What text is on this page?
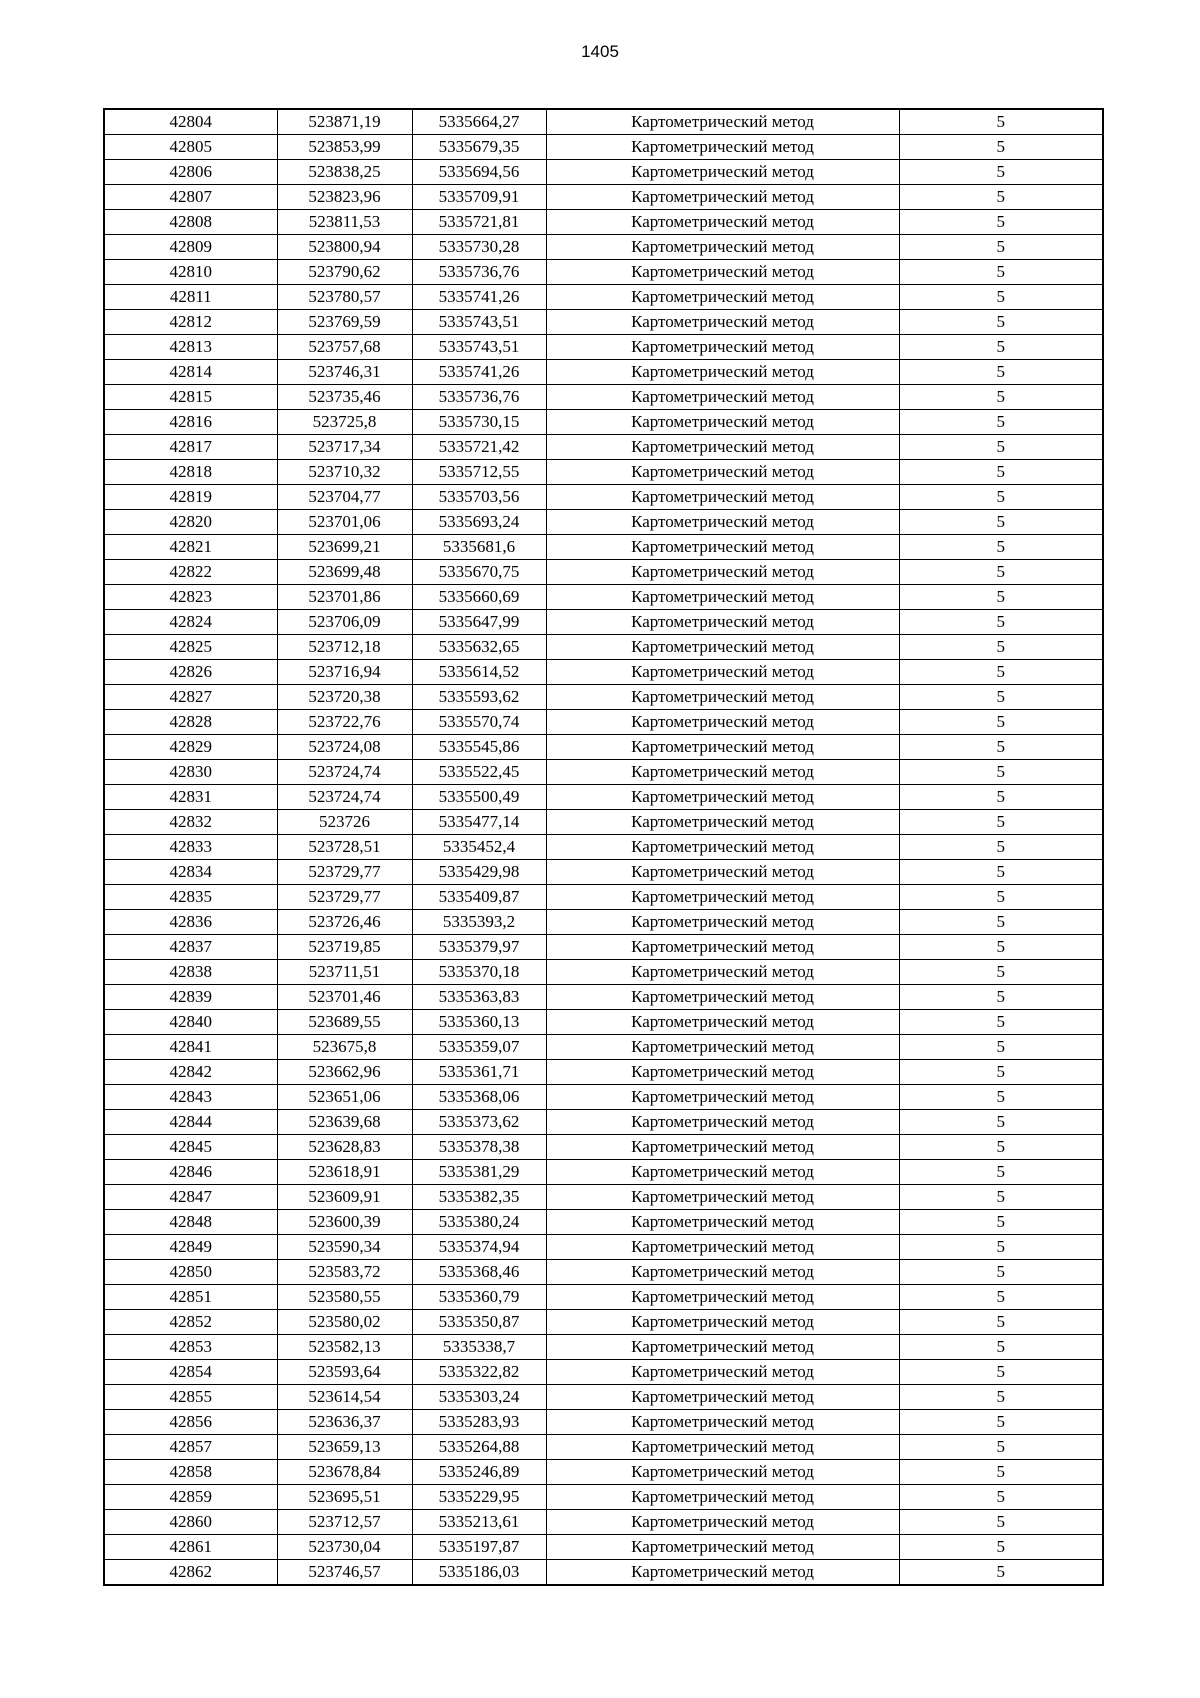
1405
42804	523871,19	5335664,27	Картометрический метод	5
42805	523853,99	5335679,35	Картометрический метод	5
42806	523838,25	5335694,56	Картометрический метод	5
42807	523823,96	5335709,91	Картометрический метод	5
42808	523811,53	5335721,81	Картометрический метод	5
42809	523800,94	5335730,28	Картометрический метод	5
42810	523790,62	5335736,76	Картометрический метод	5
42811	523780,57	5335741,26	Картометрический метод	5
42812	523769,59	5335743,51	Картометрический метод	5
42813	523757,68	5335743,51	Картометрический метод	5
42814	523746,31	5335741,26	Картометрический метод	5
42815	523735,46	5335736,76	Картометрический метод	5
42816	523725,8	5335730,15	Картометрический метод	5
42817	523717,34	5335721,42	Картометрический метод	5
42818	523710,32	5335712,55	Картометрический метод	5
42819	523704,77	5335703,56	Картометрический метод	5
42820	523701,06	5335693,24	Картометрический метод	5
42821	523699,21	5335681,6	Картометрический метод	5
42822	523699,48	5335670,75	Картометрический метод	5
42823	523701,86	5335660,69	Картометрический метод	5
42824	523706,09	5335647,99	Картометрический метод	5
42825	523712,18	5335632,65	Картометрический метод	5
42826	523716,94	5335614,52	Картометрический метод	5
42827	523720,38	5335593,62	Картометрический метод	5
42828	523722,76	5335570,74	Картометрический метод	5
42829	523724,08	5335545,86	Картометрический метод	5
42830	523724,74	5335522,45	Картометрический метод	5
42831	523724,74	5335500,49	Картометрический метод	5
42832	523726	5335477,14	Картометрический метод	5
42833	523728,51	5335452,4	Картометрический метод	5
42834	523729,77	5335429,98	Картометрический метод	5
42835	523729,77	5335409,87	Картометрический метод	5
42836	523726,46	5335393,2	Картометрический метод	5
42837	523719,85	5335379,97	Картометрический метод	5
42838	523711,51	5335370,18	Картометрический метод	5
42839	523701,46	5335363,83	Картометрический метод	5
42840	523689,55	5335360,13	Картометрический метод	5
42841	523675,8	5335359,07	Картометрический метод	5
42842	523662,96	5335361,71	Картометрический метод	5
42843	523651,06	5335368,06	Картометрический метод	5
42844	523639,68	5335373,62	Картометрический метод	5
42845	523628,83	5335378,38	Картометрический метод	5
42846	523618,91	5335381,29	Картометрический метод	5
42847	523609,91	5335382,35	Картометрический метод	5
42848	523600,39	5335380,24	Картометрический метод	5
42849	523590,34	5335374,94	Картометрический метод	5
42850	523583,72	5335368,46	Картометрический метод	5
42851	523580,55	5335360,79	Картометрический метод	5
42852	523580,02	5335350,87	Картометрический метод	5
42853	523582,13	5335338,7	Картометрический метод	5
42854	523593,64	5335322,82	Картометрический метод	5
42855	523614,54	5335303,24	Картометрический метод	5
42856	523636,37	5335283,93	Картометрический метод	5
42857	523659,13	5335264,88	Картометрический метод	5
42858	523678,84	5335246,89	Картометрический метод	5
42859	523695,51	5335229,95	Картометрический метод	5
42860	523712,57	5335213,61	Картометрический метод	5
42861	523730,04	5335197,87	Картометрический метод	5
42862	523746,57	5335186,03	Картометрический метод	5
